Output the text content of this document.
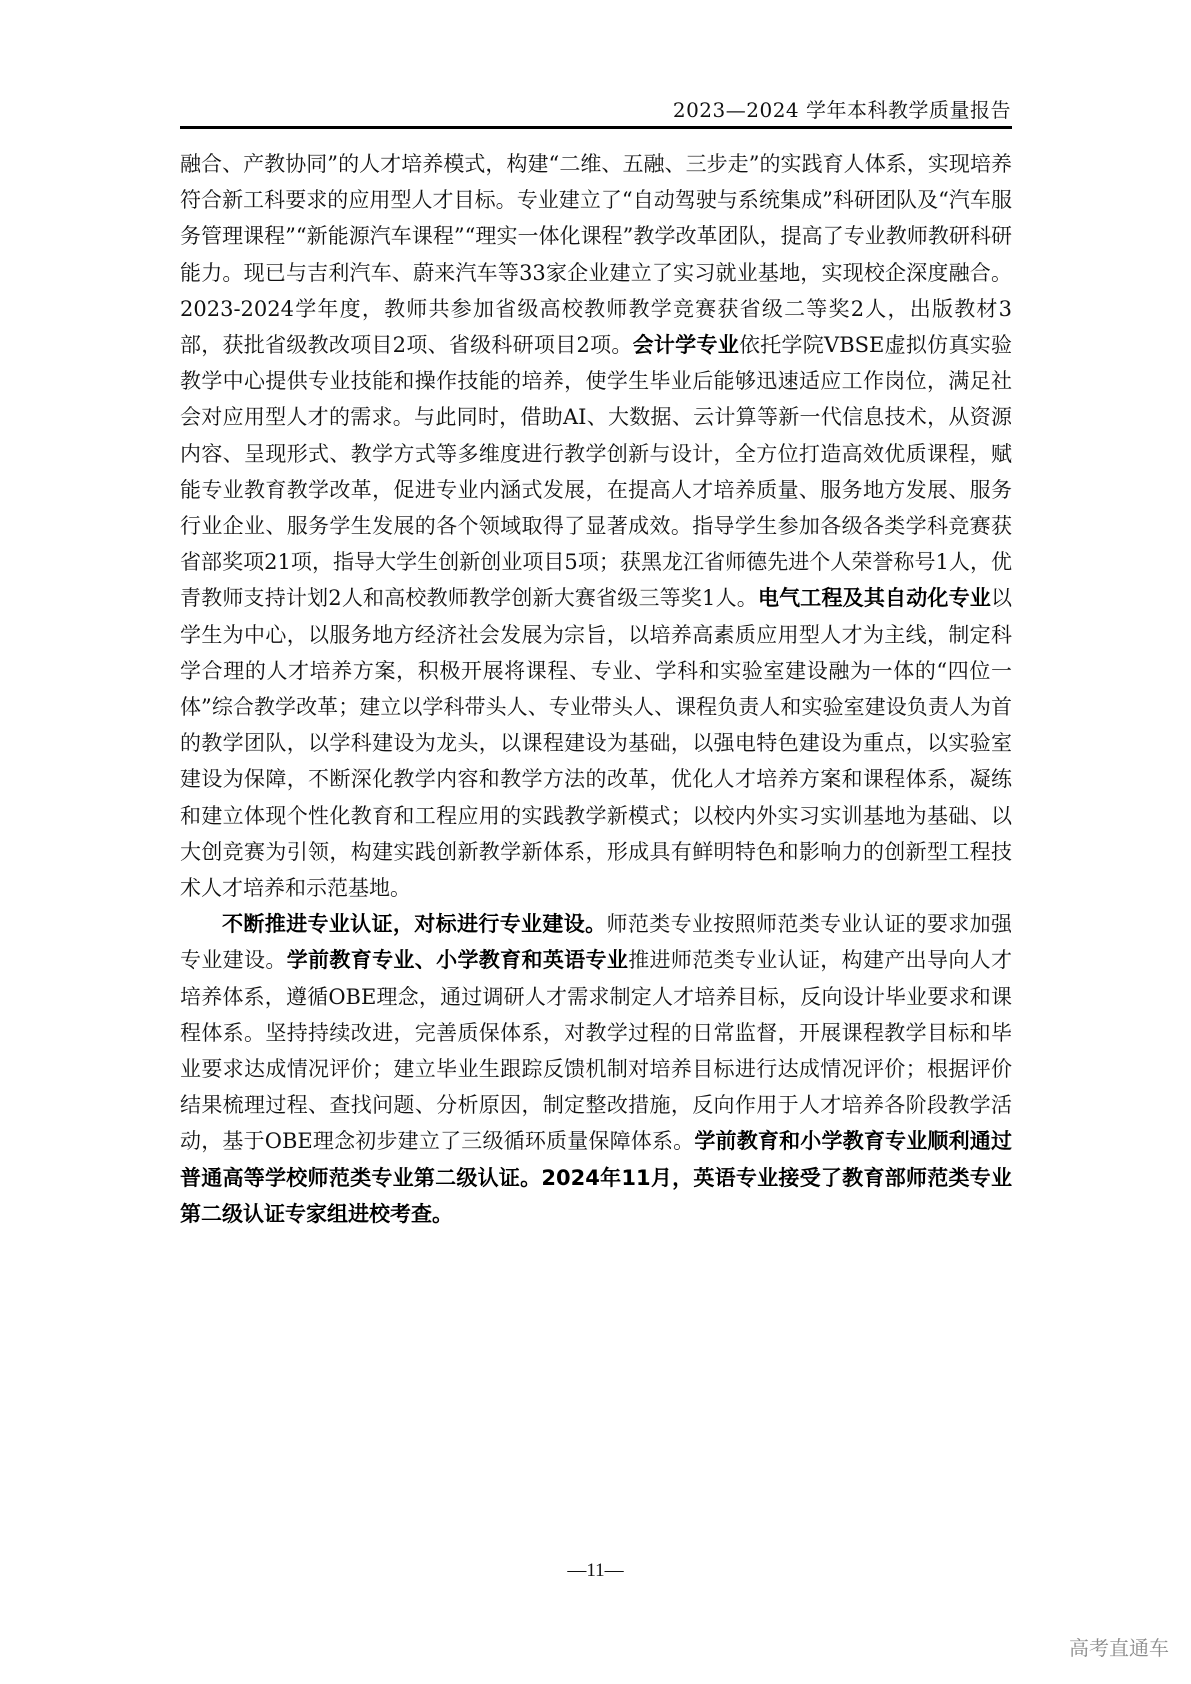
2023—2024 学年本科教学质量报告

融合、产教协同”的人才培养模式，构建“二维、五融、三步走”的实践育人体系，实现培养符合新工科要求的应用型人才目标。专业建立了“自动驾驶与系统集成”科研团队及“汽车服务管理课程”“新能源汽车课程”“理实一体化课程”教学改革团队，提高了专业教师教研科研能力。现已与吉利汽车、蔚来汽车等33家企业建立了实习就业基地，实现校企深度融合。2023-2024学年度，教师共参加省级高校教师教学竞赛获省级二等奖2人，出版教材3部，获批省级教改项目2项、省级科研项目2项。会计学专业依托学院VBSE虚拟仿真实验教学中心提供专业技能和操作技能的培养，使学生毕业后能够迅速适应工作岗位，满足社会对应用型人才的需求。与此同时，借助AI、大数据、云计算等新一代信息技术，从资源内容、呈现形式、教学方式等多维度进行教学创新与设计，全方位打造高效优质课程，赋能专业教育教学改革，促进专业内涵式发展，在提高人才培养质量、服务地方发展、服务行业企业、服务学生发展的各个领域取得了显著成效。指导学生参加各级各类学科竞赛获省部奖项21项，指导大学生创新创业项目5项；获黑龙江省师德先进个人荣誉称号1人，优青教师支持计划2人和高校教师教学创新大赛省级三等奖1人。电气工程及其自动化专业以学生为中心，以服务地方经济社会发展为宗旨，以培养高素质应用型人才为主线，制定科学合理的人才培养方案，积极开展将课程、专业、学科和实验室建设融为一体的“四位一体”综合教学改革；建立以学科带头人、专业带头人、课程负责人和实验室建设负责人为首的教学团队，以学科建设为龙头，以课程建设为基础，以强电特色建设为重点，以实验室建设为保障，不断深化教学内容和教学方法的改革，优化人才培养方案和课程体系，凝练和建立体现个性化教育和工程应用的实践教学新模式；以校内外实习实训基地为基础、以大创竞赛为引领，构建实践创新教学新体系，形成具有鲜明特色和影响力的创新型工程技术人才培养和示范基地。

不断推进专业认证，对标进行专业建设。师范类专业按照师范类专业认证的要求加强专业建设。学前教育专业、小学教育和英语专业推进师范类专业认证，构建产出导向人才培养体系，遵循OBE理念，通过调研人才需求制定人才培养目标，反向设计毕业要求和课程体系。坚持持续改进，完善质保体系，对教学过程的日常监督，开展课程教学目标和毕业要求达成情况评价；建立毕业生跟踪反馈机制对培养目标进行达成情况评价；根据评价结果梳理过程、查找问题、分析原因，制定整改措施，反向作用于人才培养各阶段教学活动，基于OBE理念初步建立了三级循环质量保障体系。学前教育和小学教育专业顺利通过普通高等学校师范类专业第二级认证。2024年11月，英语专业接受了教育部师范类专业第二级认证专家组进校考查。

—11—
高考直通车
